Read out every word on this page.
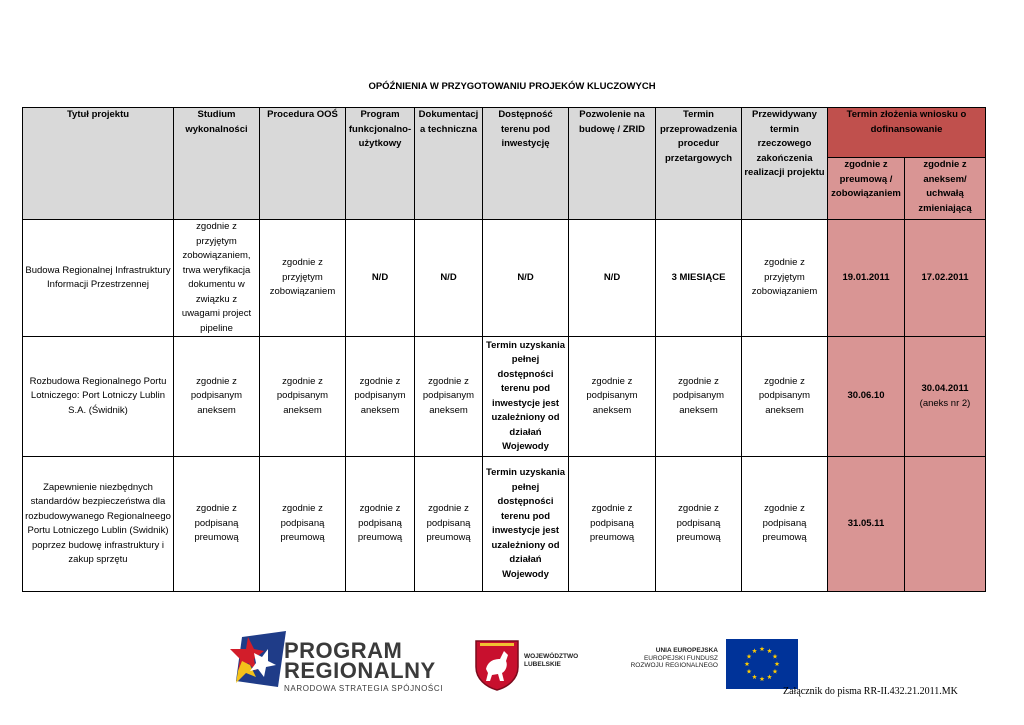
OPÓŹNIENIA W PRZYGOTOWANIU PROJEKÓW KLUCZOWYCH
Tytuł projektu	Studium wykonalności	Procedura OOŚ	Program funkcjonalno-użytkowy	Dokumentacj a techniczna	Dostępność terenu pod inwestycję	Pozwolenie na budowę / ZRID	Termin przeprowadzenia procedur przetargowych	Przewidywany termin rzeczowego zakończenia realizacji projektu	Termin złożenia wniosku o dofinansowanie	
									zgodnie z preumową / zobowiązaniem	zgodnie z aneksem/ uchwałą zmieniającą
Budowa Regionalnej Infrastruktury Informacji Przestrzennej	zgodnie z przyjętym zobowiązaniem, trwa weryfikacja dokumentu w związku z uwagami project pipeline	zgodnie z przyjętym zobowiązaniem	N/D	N/D	N/D	N/D	3 MIESIĄCE	zgodnie z przyjętym zobowiązaniem	19.01.2011	17.02.2011
Rozbudowa Regionalnego Portu Lotniczego: Port Lotniczy Lublin S.A. (Świdnik)	zgodnie z podpisanym aneksem	zgodnie z podpisanym aneksem	zgodnie z podpisanym aneksem	zgodnie z podpisanym aneksem	Termin uzyskania pełnej dostępności terenu pod inwestycje jest uzależniony od działań Wojewody	zgodnie z podpisanym aneksem	zgodnie z podpisanym aneksem	zgodnie z podpisanym aneksem	30.06.10	30.04.2011
(aneks nr 2)

Zapewnienie niezbędnych standardów bezpieczeństwa dla rozbudowywanego Regionalneego Portu Lotniczego Lublin (Swidnik) poprzez budowę infrastruktury i zakup sprzętu	zgodnie z podpisaną preumową	zgodnie z podpisaną preumową	zgodnie z podpisaną preumową	zgodnie z podpisaną preumową	Termin uzyskania pełnej dostępności terenu pod inwestycje jest uzależniony od działań Wojewody	zgodnie z podpisaną preumową	zgodnie z podpisaną preumową	zgodnie z podpisaną preumową	31.05.11	
PROGRAM
REGIONALNY
NARODOWA STRATEGIA SPÓJNOŚCI
WOJEWÓDZTWO
LUBELSKIE
UNIA EUROPEJSKA
EUROPEJSKI FUNDUSZ
ROZWOJU REGIONALNEGO
Załącznik do pisma RR-II.432.21.2011.MK
